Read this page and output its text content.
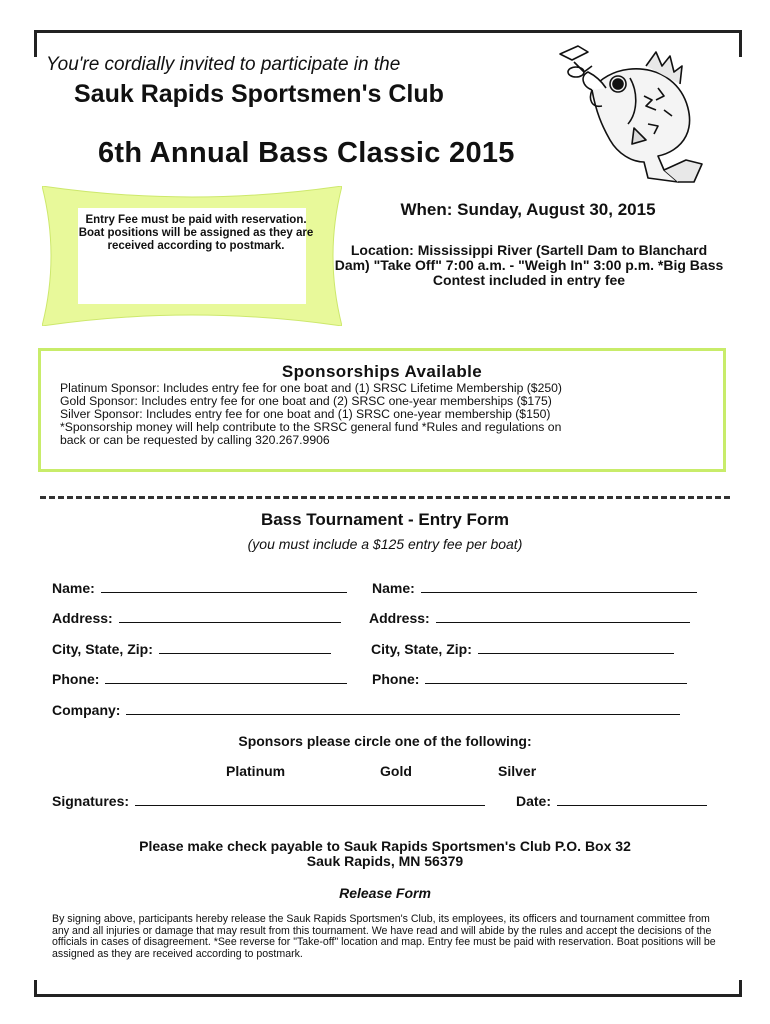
You're cordially invited to participate in the
Sauk Rapids Sportsmen's Club
6th Annual Bass Classic 2015
Entry Fee must be paid with reservation. Boat positions will be assigned as they are received according to postmark.
When: Sunday, August 30, 2015
Location: Mississippi River (Sartell Dam to Blanchard Dam) "Take Off" 7:00 a.m. - "Weigh In" 3:00 p.m. *Big Bass Contest included in entry fee
Sponsorships Available
Platinum Sponsor: Includes entry fee for one boat and (1) SRSC Lifetime Membership ($250)
Gold Sponsor: Includes entry fee for one boat and (2) SRSC one-year memberships ($175)
Silver Sponsor: Includes entry fee for one boat and (1) SRSC one-year membership ($150)
*Sponsorship money will help contribute to the SRSC general fund *Rules and regulations on
back or can be requested by calling 320.267.9906
Bass Tournament - Entry Form
(you must include a $125 entry fee per boat)
Name:	Name:
Address:	Address:
City, State, Zip:	City, State, Zip:
Phone:	Phone:
Company:
Sponsors please circle one of the following:
Platinum	Gold	Silver
Signatures:	Date:
Please make check payable to Sauk Rapids Sportsmen's Club P.O. Box 32
Sauk Rapids, MN 56379
Release Form
By signing above, participants hereby release the Sauk Rapids Sportsmen's Club, its employees, its officers and tournament committee from any and all injuries or damage that may result from this tournament. We have read and will abide by the rules and accept the decisions of the officials in cases of disagreement. *See reverse for "Take-off" location and map. Entry fee must be paid with reservation. Boat positions will be assigned as they are received according to postmark.
